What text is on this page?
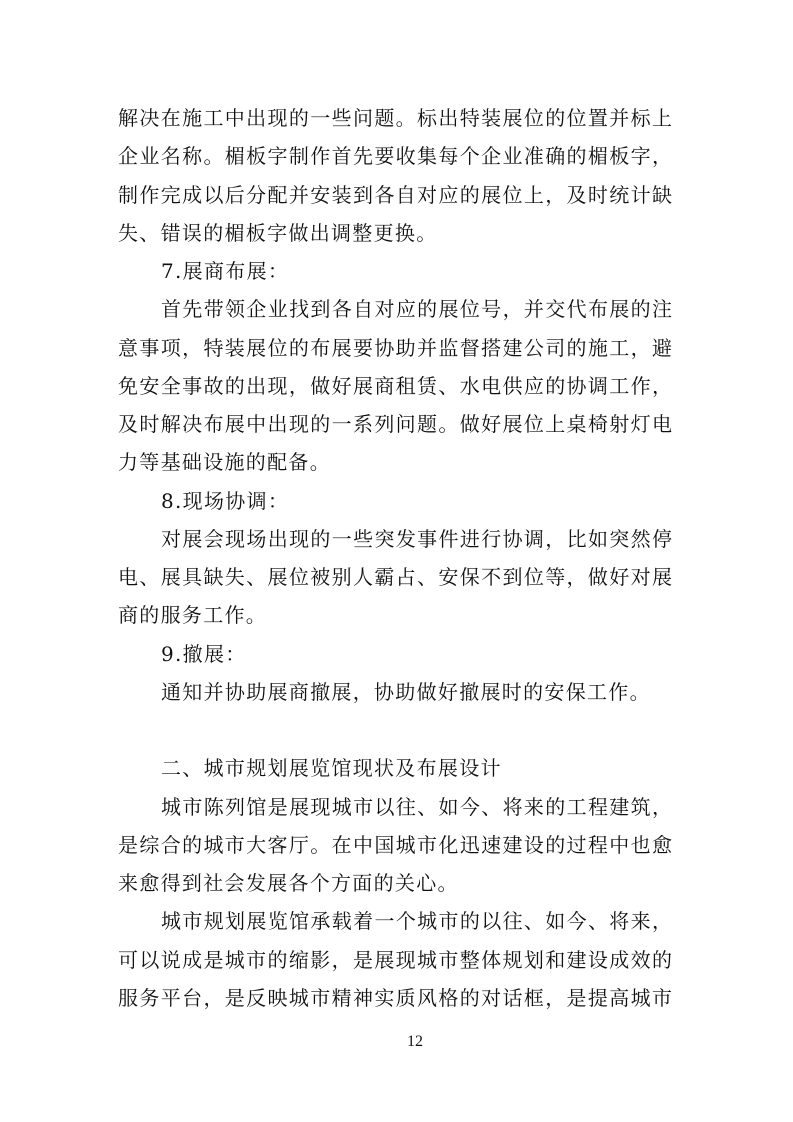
解决在施工中出现的一些问题。标出特装展位的位置并标上
企业名称。楣板字制作首先要收集每个企业准确的楣板字，
制作完成以后分配并安装到各自对应的展位上，及时统计缺
失、错误的楣板字做出调整更换。
7.展商布展：
首先带领企业找到各自对应的展位号，并交代布展的注
意事项，特装展位的布展要协助并监督搭建公司的施工，避
免安全事故的出现，做好展商租赁、水电供应的协调工作，
及时解决布展中出现的一系列问题。做好展位上桌椅射灯电
力等基础设施的配备。
8.现场协调：
对展会现场出现的一些突发事件进行协调，比如突然停
电、展具缺失、展位被别人霸占、安保不到位等，做好对展
商的服务工作。
9.撤展：
通知并协助展商撤展，协助做好撤展时的安保工作。
二、城市规划展览馆现状及布展设计
城市陈列馆是展现城市以往、如今、将来的工程建筑，
是综合的城市大客厅。在中国城市化迅速建设的过程中也愈
来愈得到社会发展各个方面的关心。
城市规划展览馆承载着一个城市的以往、如今、将来，
可以说成是城市的缩影，是展现城市整体规划和建设成效的
服务平台，是反映城市精神实质风格的对话框，是提高城市
12
